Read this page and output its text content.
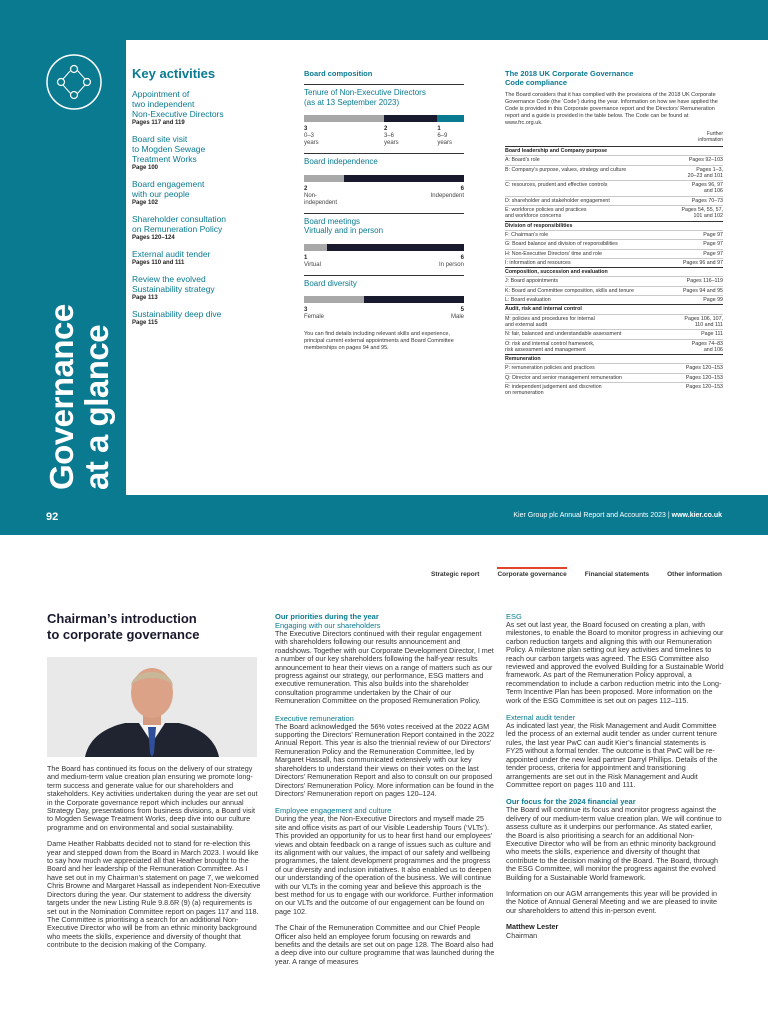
Governance
at a glance
92	Kier Group plc Annual Report and Accounts 2023 | www.kier.co.uk
Key activities
Appointment of
two independent
Non-Executive Directors
Pages 117 and 119
Board site visit
to Mogden Sewage
Treatment Works
Page 100
Board engagement
with our people
Page 102
Shareholder consultation
on Remuneration Policy
Pages 120–124
External audit tender
Pages 110 and 111
Review the evolved
Sustainability strategy
Page 113
Sustainability deep dive
Page 115
Board composition
Tenure of Non-Executive Directors
(as at 13 September 2023)
3
0–3
years
2
3–6
years
1
6–9
years
Board independence
2
Non-
independent
6
Independent
Board meetings
Virtually and in person
1
Virtual
6
In person
Board diversity
3
Female
5
Male
You can find details including relevant skills and experience, principal current external appointments and Board Committee memberships on pages 94 and 95.
The 2018 UK Corporate Governance
Code compliance
The Board considers that it has complied with the provisions of the 2018 UK Corporate Governance Code (the ‘Code’) during the year. Information on how we have applied the Code is provided in this Corporate governance report and the Directors’ Remuneration report and a guide is provided in the table below. The Code can be found at www.frc.org.uk.
Further
information
Board leadership and Company purpose	
A: Board’s role	Pages 92–103
B: Company’s purpose, values, strategy and culture	Pages 1–3,
20–23 and 101
C: resources, prudent and effective controls	Pages 96, 97
and 106
D: shareholder and stakeholder engagement	Pages 70–73
E: workforce policies and practices
and workforce concerns	Pages 54, 55, 57,
101 and 102
Division of responsibilities	
F: Chairman’s role	Page 97
G: Board balance and division of responsibilities	Page 97
H: Non-Executive Directors’ time and role	Page 97
I: information and resources	Pages 96 and 97
Composition, succession and evaluation	
J: Board appointments	Pages 116–119
K: Board and Committee composition, skills and tenure	Pages 94 and 95
L: Board evaluation	Page 99
Audit, risk and internal control	
M: policies and procedures for internal
and external audit	Pages 106, 107,
110 and 111
N: fair, balanced and understandable assessment	Page 111
O: risk and internal control framework,
risk assessment and management	Pages 74–83
and 106
Remuneration	
P: remuneration policies and practices	Pages 120–153
Q: Director and senior management remuneration	Pages 120–153
R: independent judgement and discretion
on remuneration	Pages 120–153
Strategic report	Corporate governance	Financial statements	Other information
Chairman’s introduction
to corporate governance

The Board has continued its focus on the delivery of our strategy and medium-term value creation plan ensuring we promote long-term success and generate value for our shareholders and stakeholders. Key activities undertaken during the year are set out in the Corporate governance report which includes our annual Strategy Day, presentations from business divisions, a Board visit to Mogden Sewage Treatment Works, deep dive into our culture programme and on environmental and social sustainability.

Dame Heather Rabbatts decided not to stand for re-election this year and stepped down from the Board in March 2023. I would like to say how much we appreciated all that Heather brought to the Board and her leadership of the Remuneration Committee. As I have set out in my Chairman’s statement on page 7, we welcomed Chris Browne and Margaret Hassall as independent Non-Executive Directors during the year. Our statement to address the diversity targets under the new Listing Rule 9.8.6R (9) (a) requirements is set out in the Nomination Committee report on pages 117 and 118. The Committee is prioritising a search for an additional Non-Executive Director who will be from an ethnic minority background who meets the skills, experience and diversity of thought that contribute to the decision making of the Company.

Our priorities during the year
Engaging with our shareholders

The Executive Directors continued with their regular engagement with shareholders following our results announcement and roadshows. Together with our Corporate Development Director, I met a number of our key shareholders following the half-year results announcement to hear their views on a range of matters such as our progress against our strategy, our performance, ESG matters and executive remuneration. This also builds into the shareholder consultation programme undertaken by the Chair of our Remuneration Committee on the proposed Remuneration Policy.

Executive remuneration

The Board acknowledged the 56% votes received at the 2022 AGM supporting the Directors’ Remuneration Report contained in the 2022 Annual Report. This year is also the triennial review of our Directors’ Remuneration Policy and the Remuneration Committee, led by Margaret Hassall, has communicated extensively with our key shareholders to understand their views on their votes on the last Directors’ Remuneration Report and also to consult on our proposed Directors’ Remuneration Policy. More information can be found in the Directors’ Remuneration report on pages 120–124.

Employee engagement and culture

During the year, the Non-Executive Directors and myself made 25 site and office visits as part of our Visible Leadership Tours (‘VLTs’). This provided an opportunity for us to hear first hand our employees’ views and obtain feedback on a range of issues such as culture and its alignment with our values, the impact of our safety and wellbeing programmes, the talent development programmes and the progress of our diversity and inclusion initiatives. It also enabled us to deepen our understanding of the operation of the business. We will continue with our VLTs in the coming year and believe this approach is the best method for us to engage with our workforce. Further information on our VLTs and the outcome of our engagement can be found on page 102.

The Chair of the Remuneration Committee and our Chief People Officer also held an employee forum focusing on rewards and benefits and the details are set out on page 128. The Board also had a deep dive into our culture programme that was launched during the year. A range of measures

ESG

As set out last year, the Board focused on creating a plan, with milestones, to enable the Board to monitor progress in achieving our carbon reduction targets and aligning this with our Remuneration Policy. A milestone plan setting out key activities and timelines to reach our carbon targets was agreed. The ESG Committee also reviewed and approved the evolved Building for a Sustainable World framework. As part of the Remuneration Policy approval, a recommendation to include a carbon reduction metric into the Long-Term Incentive Plan has been proposed. More information on the work of the ESG Committee is set out on pages 112–115.

External audit tender

As indicated last year, the Risk Management and Audit Committee led the process of an external audit tender as under current tenure rules, the last year PwC can audit Kier’s financial statements is FY25 without a formal tender. The outcome is that PwC will be re-appointed under the new lead partner Darryl Phillips. Details of the tender process, criteria for appointment and transitioning arrangements are set out in the Risk Management and Audit Committee report on pages 110 and 111.

Our focus for the 2024 financial year

The Board will continue its focus and monitor progress against the delivery of our medium-term value creation plan. We will continue to assess culture as it underpins our performance. As stated earlier, the Board is also prioritising a search for an additional Non-Executive Director who will be from an ethnic minority background who meets the skills, experience and diversity of thought that contribute to the decision making of the Board. The Board, through the ESG Committee, will monitor the progress against the evolved Building for a Sustainable World framework.

Information on our AGM arrangements this year will be provided in the Notice of Annual General Meeting and we are pleased to invite our shareholders to attend this in-person event.

Matthew Lester
Chairman
